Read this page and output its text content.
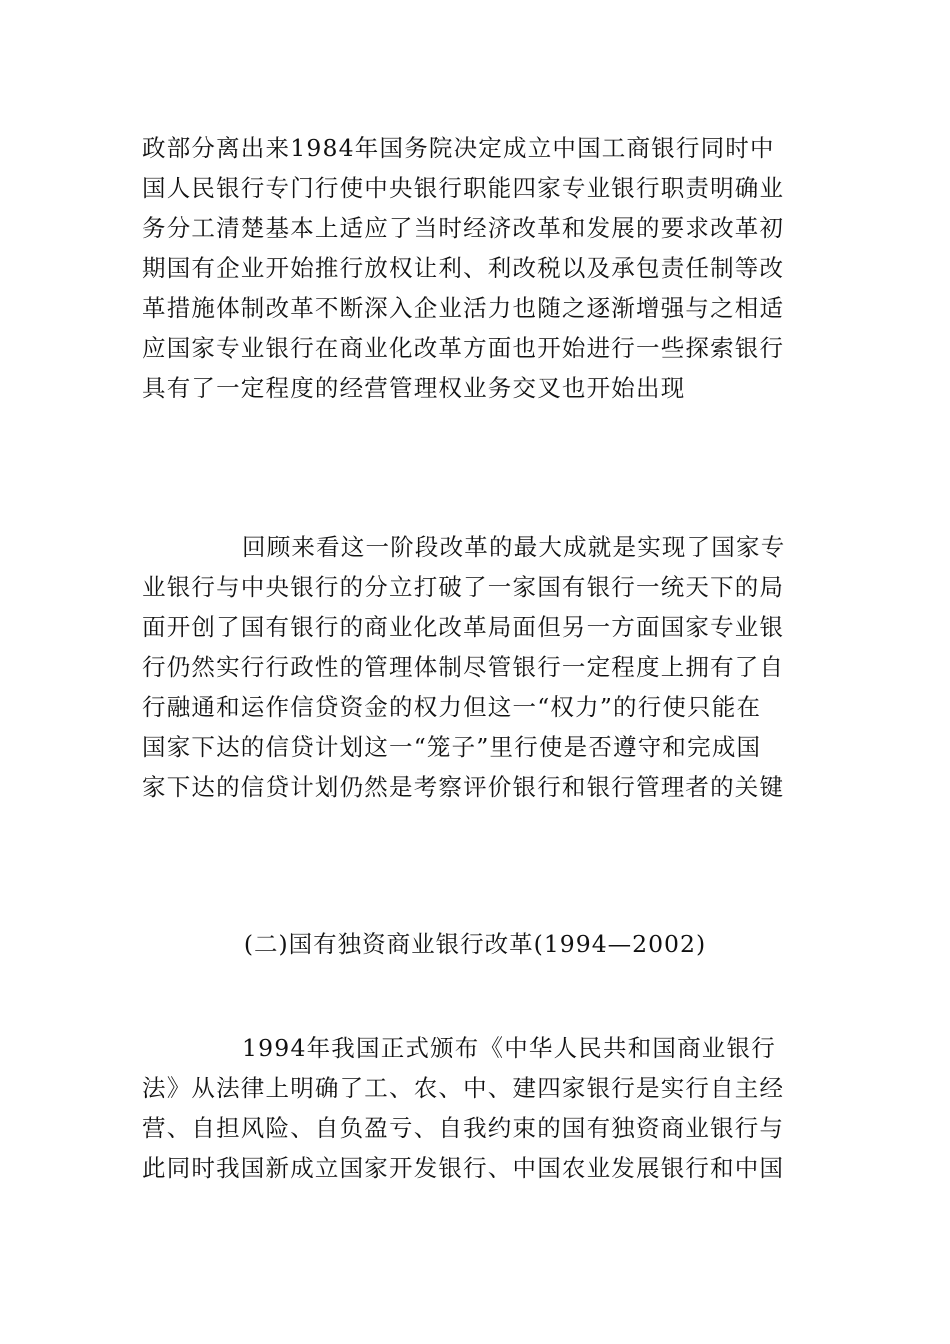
政部分离出来1984年国务院决定成立中国工商银行同时中
国人民银行专门行使中央银行职能四家专业银行职责明确业
务分工清楚基本上适应了当时经济改革和发展的要求改革初
期国有企业开始推行放权让利、利改税以及承包责任制等改
革措施体制改革不断深入企业活力也随之逐渐增强与之相适
应国家专业银行在商业化改革方面也开始进行一些探索银行
具有了一定程度的经营管理权业务交叉也开始出现
回顾来看这一阶段改革的最大成就是实现了国家专
业银行与中央银行的分立打破了一家国有银行一统天下的局
面开创了国有银行的商业化改革局面但另一方面国家专业银
行仍然实行行政性的管理体制尽管银行一定程度上拥有了自
行融通和运作信贷资金的权力但这一“权力”的行使只能在
国家下达的信贷计划这一“笼子”里行使是否遵守和完成国
家下达的信贷计划仍然是考察评价银行和银行管理者的关键
(二)国有独资商业银行改革(1994—2002)
1994年我国正式颁布《中华人民共和国商业银行
法》从法律上明确了工、农、中、建四家银行是实行自主经
营、自担风险、自负盈亏、自我约束的国有独资商业银行与
此同时我国新成立国家开发银行、中国农业发展银行和中国
